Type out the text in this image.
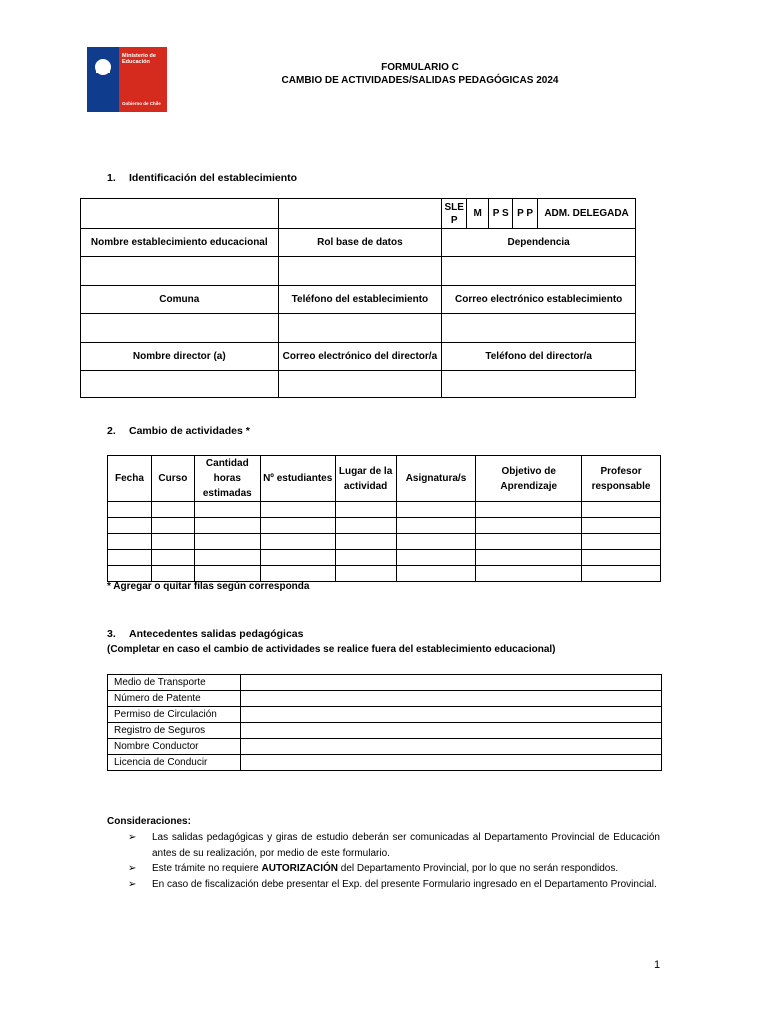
Ministerio de
Educación
Gobierno de Chile
FORMULARIO C
CAMBIO DE ACTIVIDADES/SALIDAS PEDAGÓGICAS 2024
1. Identificación del establecimiento
		SLE P	M	P S	P P	ADM. DELEGADA
Nombre establecimiento educacional	Rol base de datos	Dependencia				

Comuna	Teléfono del establecimiento	Correo electrónico establecimiento				

Nombre director (a)	Correo electrónico del director/a	Teléfono del director/a				

2. Cambio de actividades *
Fecha	Curso	Cantidad horas estimadas	Nº estudiantes	Lugar de la actividad	Asignatura/s	Objetivo de Aprendizaje	Profesor responsable

* Agregar o quitar filas según corresponda
3. Antecedentes salidas pedagógicas
(Completar en caso el cambio de actividades se realice fuera del establecimiento educacional)
Medio de Transporte	
Número de Patente	
Permiso de Circulación	
Registro de Seguros	
Nombre Conductor	
Licencia de Conducir	
Consideraciones:
➢ Las salidas pedagógicas y giras de estudio deberán ser comunicadas al Departamento Provincial de Educación antes de su realización, por medio de este formulario.
➢ Este trámite no requiere AUTORIZACIÓN del Departamento Provincial, por lo que no serán respondidos.
➢ En caso de fiscalización debe presentar el Exp. del presente Formulario ingresado en el Departamento Provincial.
1
